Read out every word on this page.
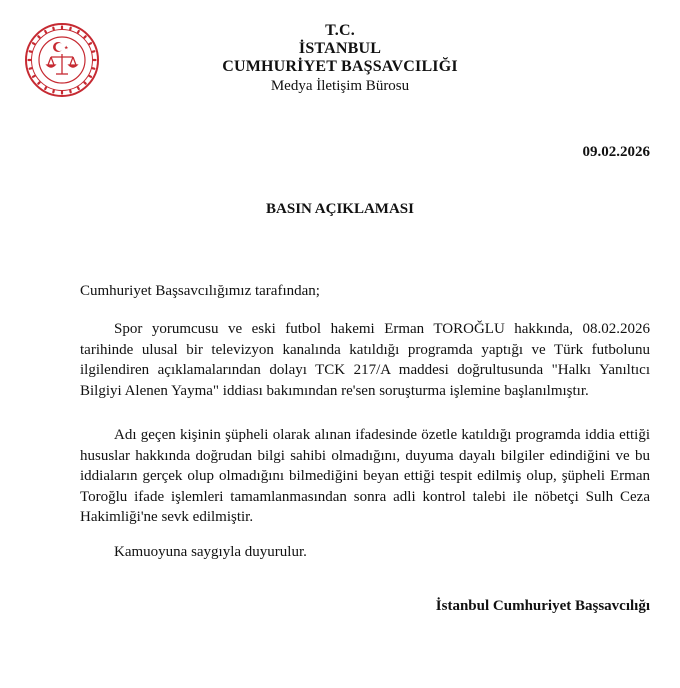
T.C.
İSTANBUL
CUMHURİYET BAŞSAVCILIĞI
Medya İletişim Bürosu
09.02.2026
BASIN AÇIKLAMASI
Cumhuriyet Başsavcılığımız tarafından;
Spor yorumcusu ve eski futbol hakemi Erman TOROĞLU hakkında, 08.02.2026 tarihinde ulusal bir televizyon kanalında katıldığı programda yaptığı ve Türk futbolunu ilgilendiren açıklamalarından dolayı TCK 217/A maddesi doğrultusunda "Halkı Yanıltıcı Bilgiyi Alenen Yayma" iddiası bakımından re'sen soruşturma işlemine başlanılmıştır.
Adı geçen kişinin şüpheli olarak alınan ifadesinde özetle katıldığı programda iddia ettiği hususlar hakkında doğrudan bilgi sahibi olmadığını, duyuma dayalı bilgiler edindiğini ve bu iddiaların gerçek olup olmadığını bilmediğini beyan ettiği tespit edilmiş olup, şüpheli Erman Toroğlu ifade işlemleri tamamlanmasından sonra adli kontrol talebi ile nöbetçi Sulh Ceza Hakimliği'ne sevk edilmiştir.
Kamuoyuna saygıyla duyurulur.
İstanbul Cumhuriyet Başsavcılığı
